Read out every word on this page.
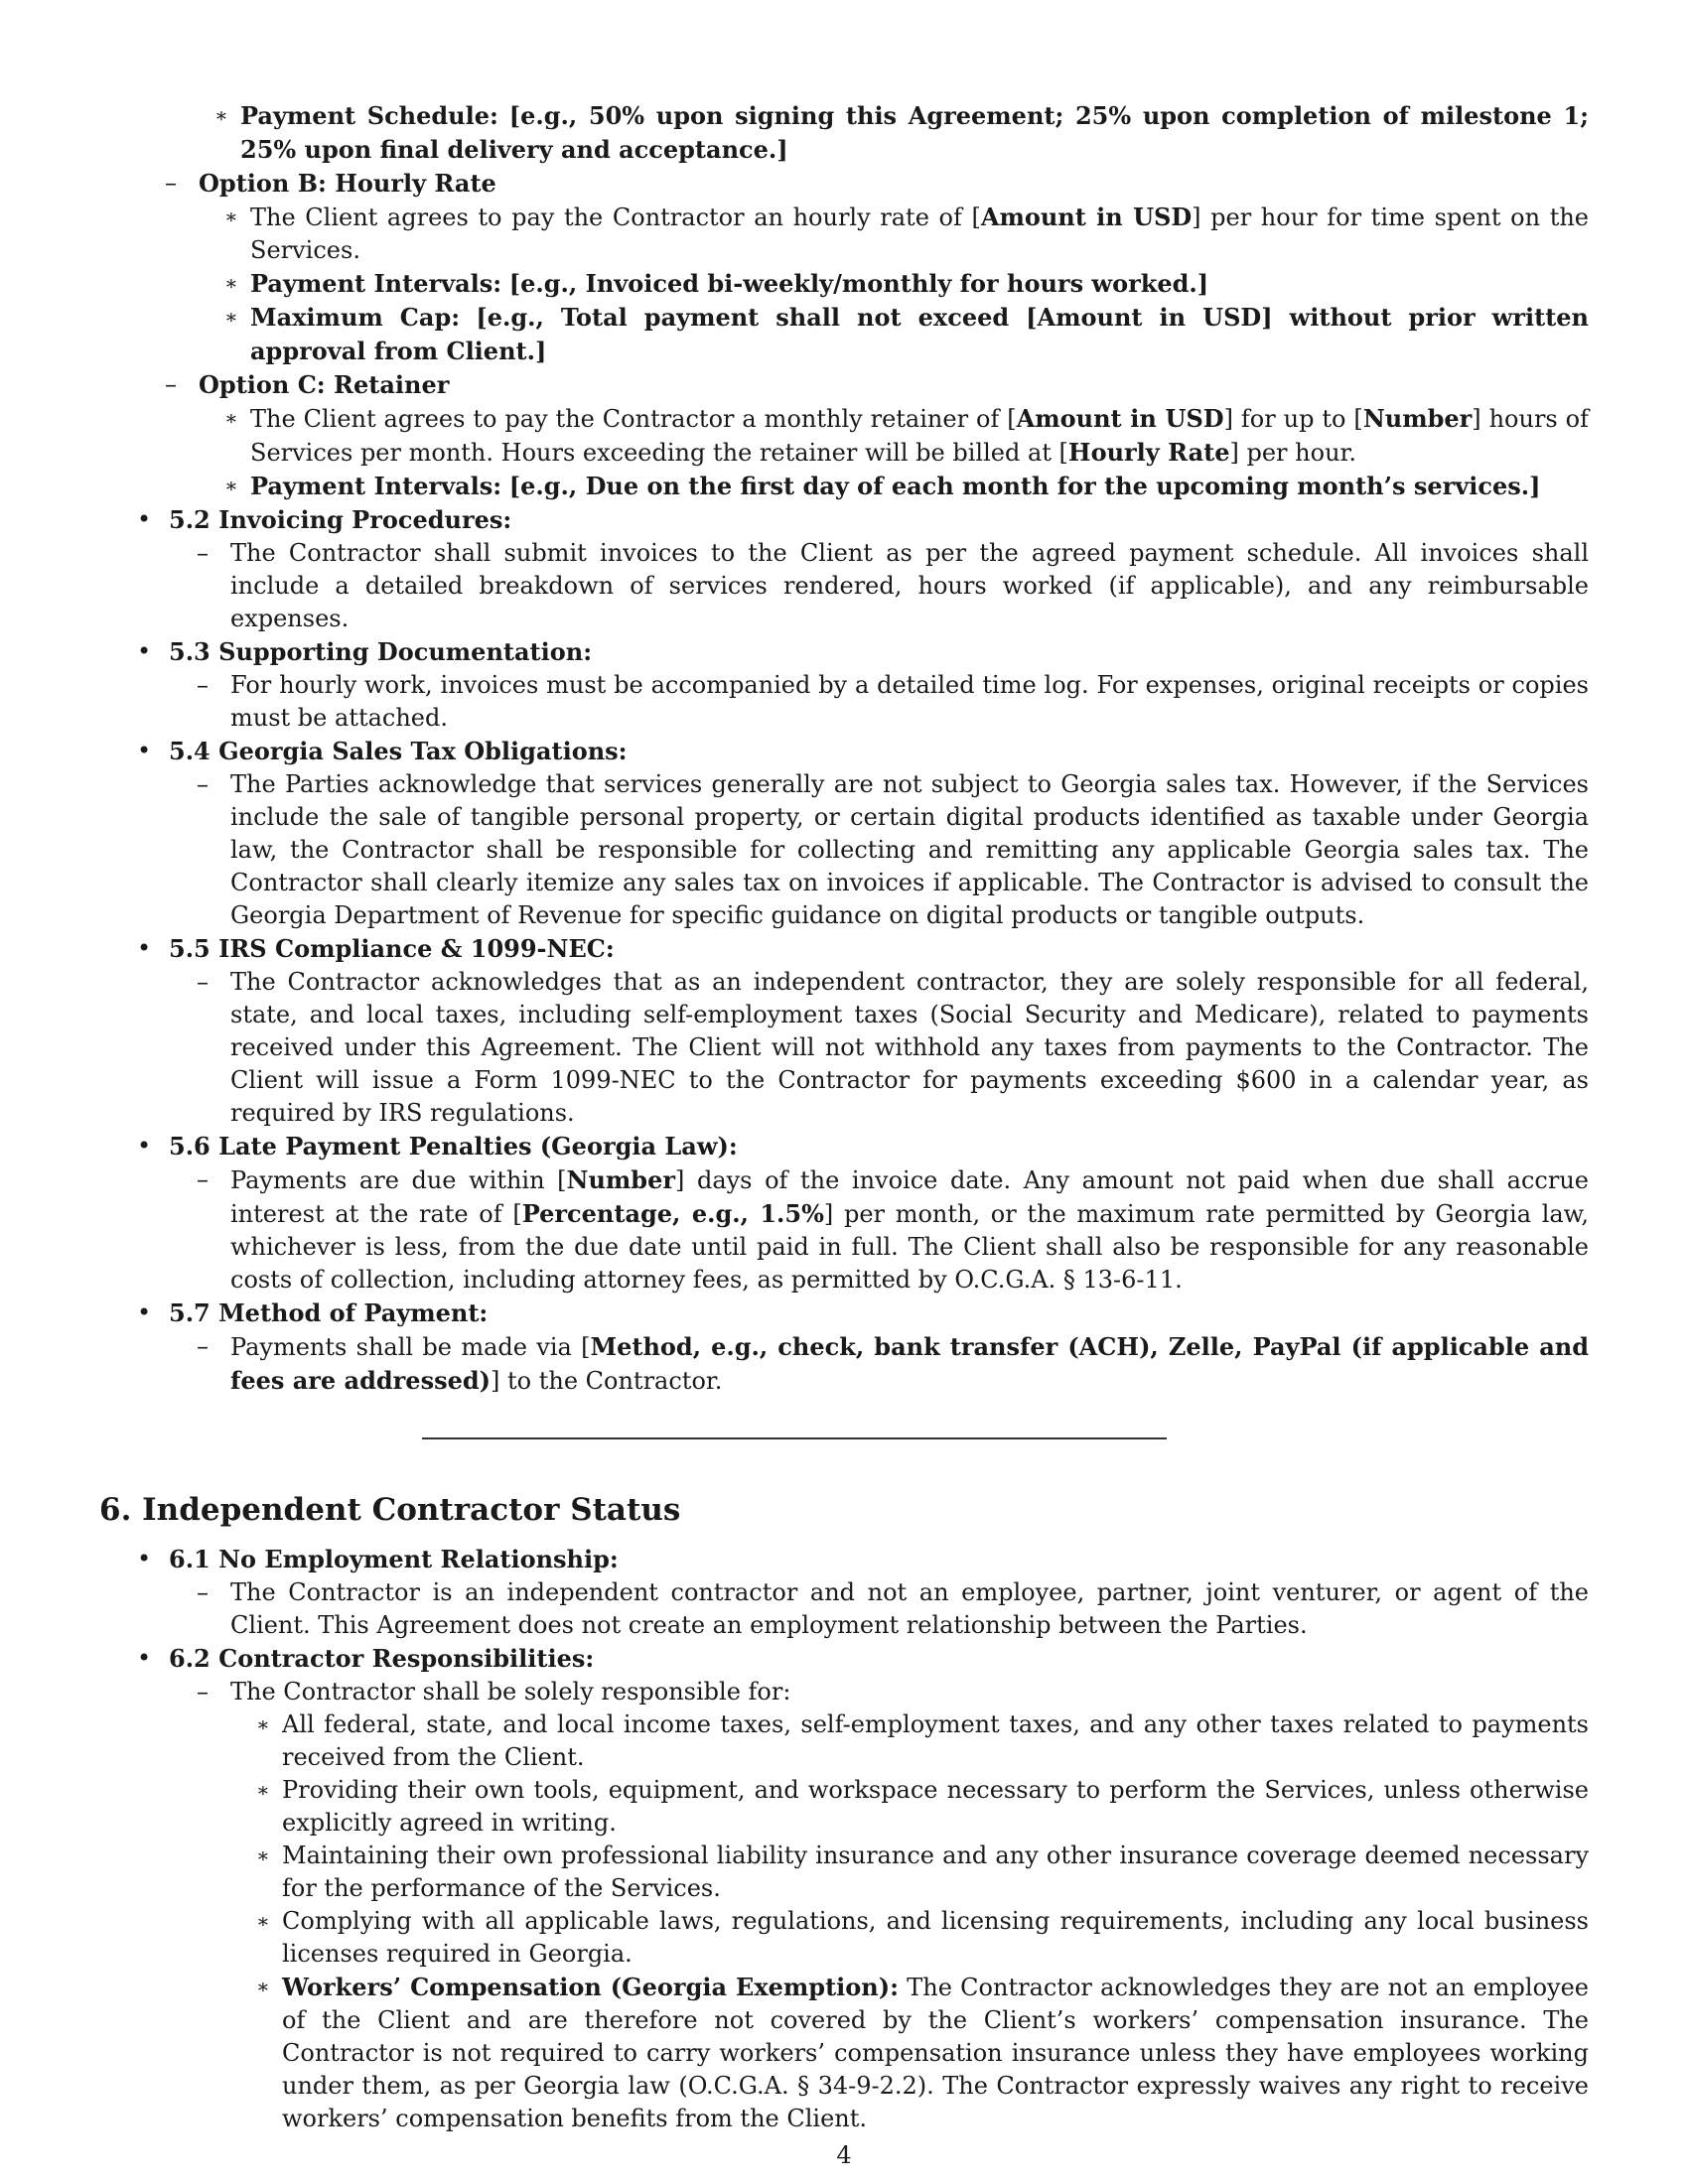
∗ Payment Schedule: [e.g., 50% upon signing this Agreement; 25% upon completion of milestone 1; 25% upon final delivery and acceptance.]
– Option B: Hourly Rate
∗ The Client agrees to pay the Contractor an hourly rate of [Amount in USD] per hour for time spent on the Services.
∗ Payment Intervals: [e.g., Invoiced bi-weekly/monthly for hours worked.]
∗ Maximum Cap: [e.g., Total payment shall not exceed [Amount in USD] without prior written approval from Client.]
– Option C: Retainer
∗ The Client agrees to pay the Contractor a monthly retainer of [Amount in USD] for up to [Number] hours of Services per month. Hours exceeding the retainer will be billed at [Hourly Rate] per hour.
∗ Payment Intervals: [e.g., Due on the first day of each month for the upcoming month’s services.]
• 5.2 Invoicing Procedures:
– The Contractor shall submit invoices to the Client as per the agreed payment schedule. All invoices shall include a detailed breakdown of services rendered, hours worked (if applicable), and any reimbursable expenses.
• 5.3 Supporting Documentation:
– For hourly work, invoices must be accompanied by a detailed time log. For expenses, original receipts or copies must be attached.
• 5.4 Georgia Sales Tax Obligations:
– The Parties acknowledge that services generally are not subject to Georgia sales tax. However, if the Services include the sale of tangible personal property, or certain digital products identified as taxable under Georgia law, the Contractor shall be responsible for collecting and remitting any applicable Georgia sales tax. The Contractor shall clearly itemize any sales tax on invoices if applicable. The Contractor is advised to consult the Georgia Department of Revenue for specific guidance on digital products or tangible outputs.
• 5.5 IRS Compliance & 1099-NEC:
– The Contractor acknowledges that as an independent contractor, they are solely responsible for all federal, state, and local taxes, including self-employment taxes (Social Security and Medicare), related to payments received under this Agreement. The Client will not withhold any taxes from payments to the Contractor. The Client will issue a Form 1099-NEC to the Contractor for payments exceeding $600 in a calendar year, as required by IRS regulations.
• 5.6 Late Payment Penalties (Georgia Law):
– Payments are due within [Number] days of the invoice date. Any amount not paid when due shall accrue interest at the rate of [Percentage, e.g., 1.5%] per month, or the maximum rate permitted by Georgia law, whichever is less, from the due date until paid in full. The Client shall also be responsible for any reasonable costs of collection, including attorney fees, as permitted by O.C.G.A. § 13-6-11.
• 5.7 Method of Payment:
– Payments shall be made via [Method, e.g., check, bank transfer (ACH), Zelle, PayPal (if applicable and fees are addressed)] to the Contractor.
6. Independent Contractor Status
• 6.1 No Employment Relationship:
– The Contractor is an independent contractor and not an employee, partner, joint venturer, or agent of the Client. This Agreement does not create an employment relationship between the Parties.
• 6.2 Contractor Responsibilities:
– The Contractor shall be solely responsible for:
∗ All federal, state, and local income taxes, self-employment taxes, and any other taxes related to payments received from the Client.
∗ Providing their own tools, equipment, and workspace necessary to perform the Services, unless otherwise explicitly agreed in writing.
∗ Maintaining their own professional liability insurance and any other insurance coverage deemed necessary for the performance of the Services.
∗ Complying with all applicable laws, regulations, and licensing requirements, including any local business licenses required in Georgia.
∗ Workers’ Compensation (Georgia Exemption): The Contractor acknowledges they are not an employee of the Client and are therefore not covered by the Client’s workers’ compensation insurance. The Contractor is not required to carry workers’ compensation insurance unless they have employees working under them, as per Georgia law (O.C.G.A. § 34-9-2.2). The Contractor expressly waives any right to receive workers’ compensation benefits from the Client.
4
